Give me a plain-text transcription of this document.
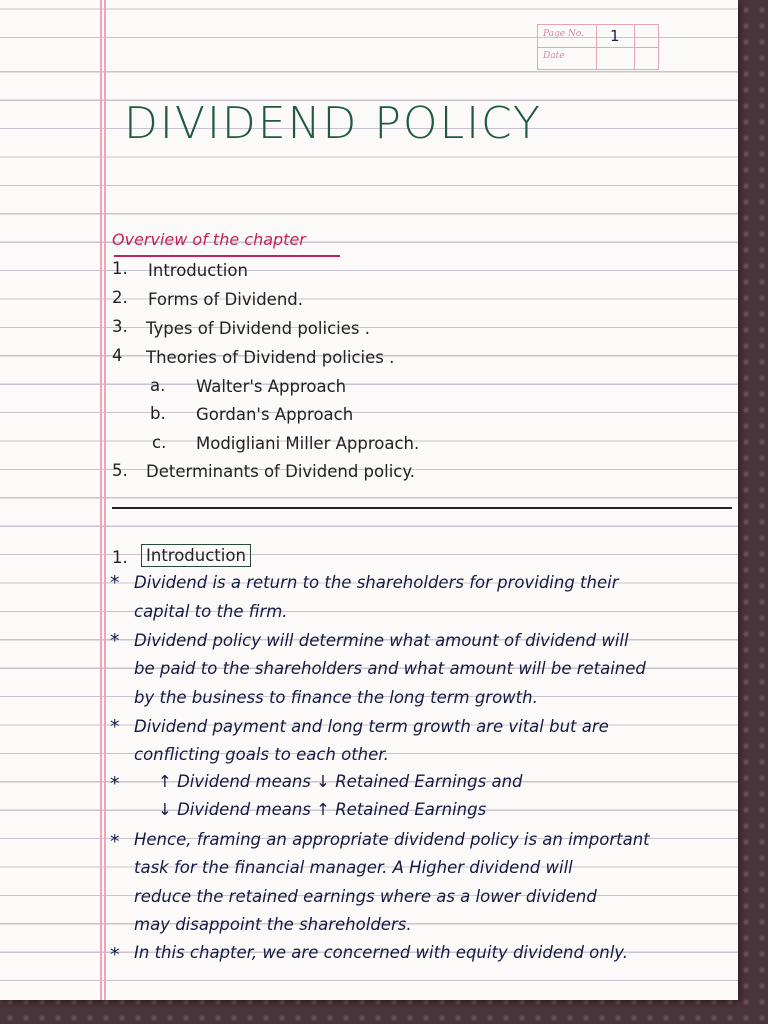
Page No.
Date
1
DIVIDEND POLICY
Overview of the chapter
1. Introduction
2. Forms of Dividend.
3. Types of Dividend policies .
4 Theories of Dividend policies .
a. Walter's Approach
b. Gordan's Approach
c. Modigliani Miller Approach.
5. Determinants of Dividend policy.
1.	Introduction
* Dividend is a return to the shareholders for providing their
capital to the firm.
* Dividend policy will determine what amount of dividend will
be paid to the shareholders and what amount will be retained
by the business to finance the long term growth.
* Dividend payment and long term growth are vital but are
conflicting goals to each other.
* ↑ Dividend means ↓ Retained Earnings and
↓ Dividend means ↑ Retained Earnings
* Hence, framing an appropriate dividend policy is an important
task for the financial manager. A Higher dividend will
reduce the retained earnings where as a lower dividend
may disappoint the shareholders.
* In this chapter, we are concerned with equity dividend only.
